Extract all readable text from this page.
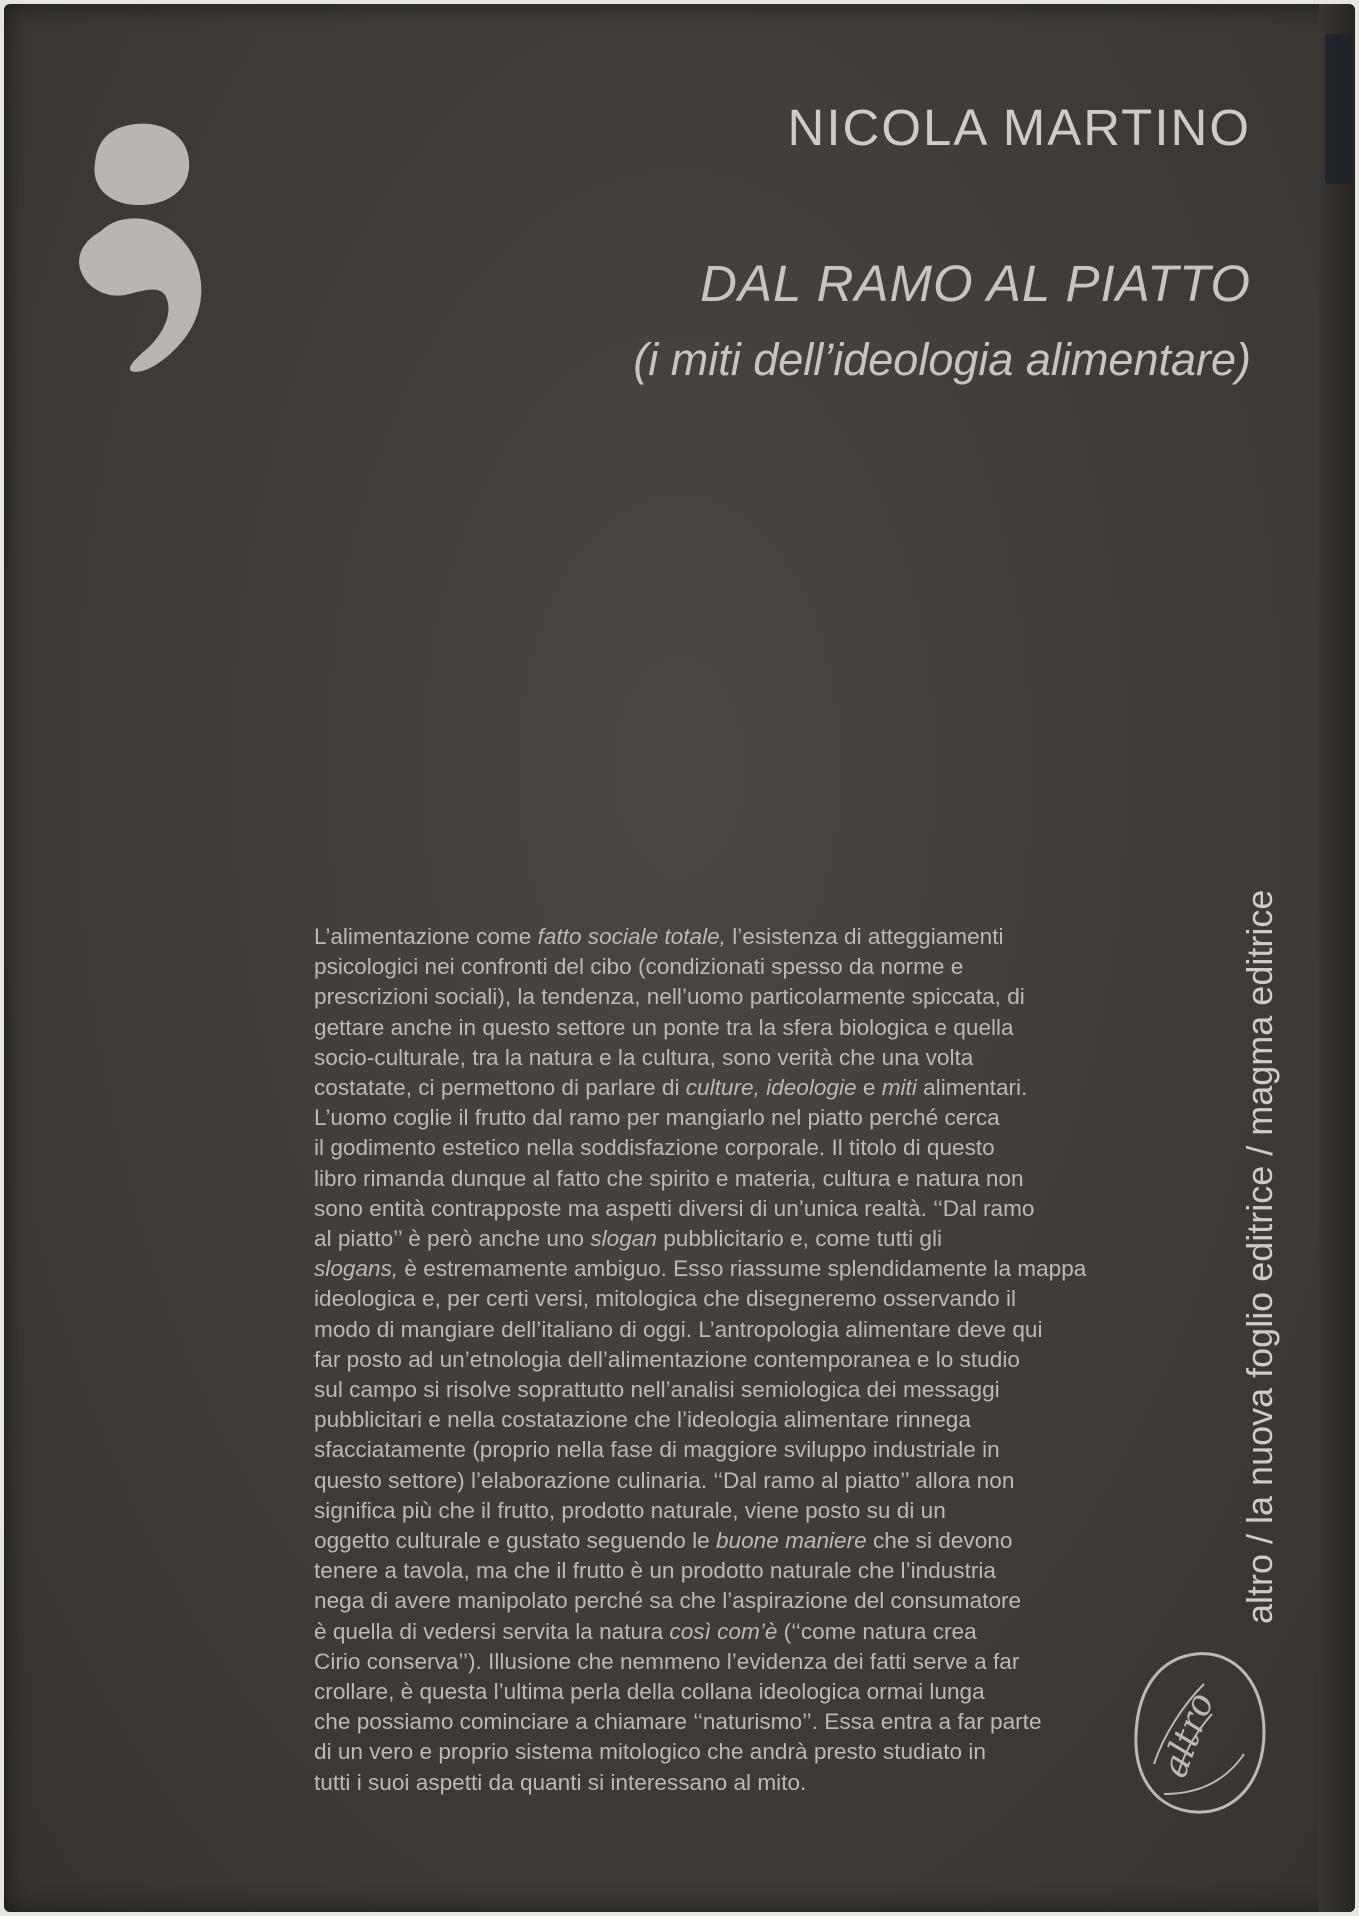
NICOLA MARTINO

DAL RAMO AL PIATTO

(i miti dell’ideologia alimentare)

L’alimentazione come fatto sociale totale, l’esistenza di atteggiamenti
psicologici nei confronti del cibo (condizionati spesso da norme e
prescrizioni sociali), la tendenza, nell’uomo particolarmente spiccata, di
gettare anche in questo settore un ponte tra la sfera biologica e quella
socio-culturale, tra la natura e la cultura, sono verità che una volta
costatate, ci permettono di parlare di culture, ideologie e miti alimentari.
L’uomo coglie il frutto dal ramo per mangiarlo nel piatto perché cerca
il godimento estetico nella soddisfazione corporale. Il titolo di questo
libro rimanda dunque al fatto che spirito e materia, cultura e natura non
sono entità contrapposte ma aspetti diversi di un’unica realtà. ‘‘Dal ramo
al piatto’’ è però anche uno slogan pubblicitario e, come tutti gli
slogans, è estremamente ambiguo. Esso riassume splendidamente la mappa
ideologica e, per certi versi, mitologica che disegneremo osservando il
modo di mangiare dell’italiano di oggi. L’antropologia alimentare deve qui
far posto ad un’etnologia dell’alimentazione contemporanea e lo studio
sul campo si risolve soprattutto nell’analisi semiologica dei messaggi
pubblicitari e nella costatazione che l’ideologia alimentare rinnega
sfacciatamente (proprio nella fase di maggiore sviluppo industriale in
questo settore) l’elaborazione culinaria. ‘‘Dal ramo al piatto’’ allora non
significa più che il frutto, prodotto naturale, viene posto su di un
oggetto culturale e gustato seguendo le buone maniere che si devono
tenere a tavola, ma che il frutto è un prodotto naturale che l’industria
nega di avere manipolato perché sa che l’aspirazione del consumatore
è quella di vedersi servita la natura così com’è (‘‘come natura crea
Cirio conserva’’). Illusione che nemmeno l’evidenza dei fatti serve a far
crollare, è questa l’ultima perla della collana ideologica ormai lunga
che possiamo cominciare a chiamare ‘‘naturismo’’. Essa entra a far parte
di un vero e proprio sistema mitologico che andrà presto studiato in
tutti i suoi aspetti da quanti si interessano al mito.

altro / la nuova foglio editrice / magma editrice

altro
